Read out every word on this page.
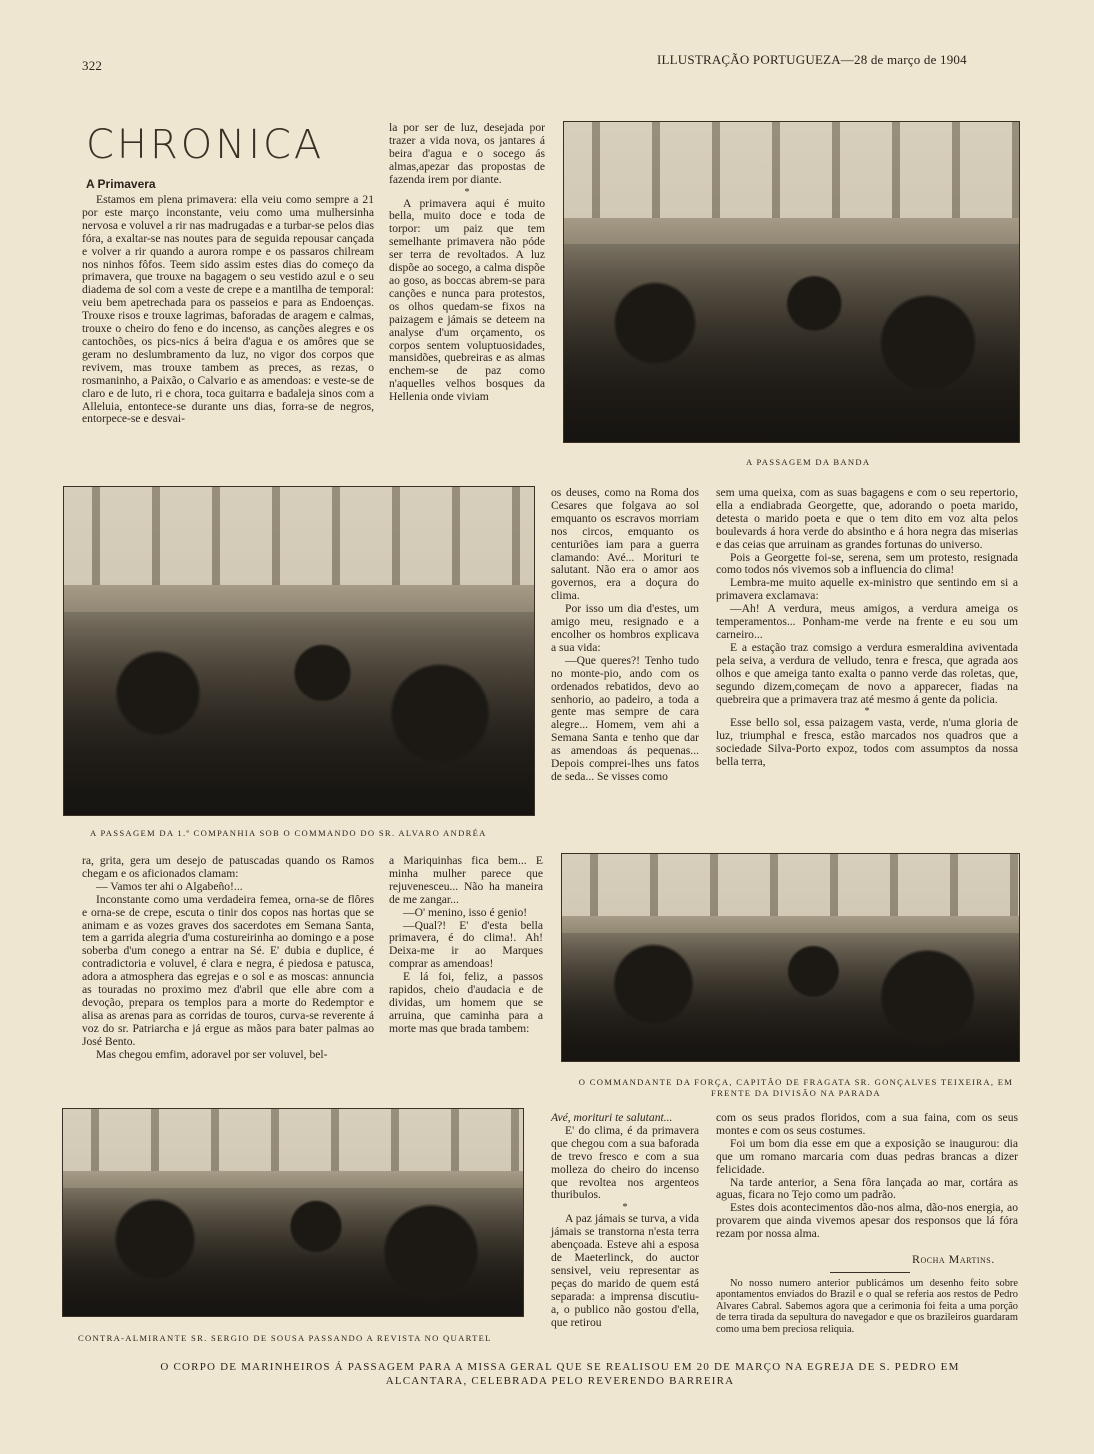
322	ILLUSTRAÇÃO PORTUGUEZA—28 de março de 1904
CHRONICA
A Primavera

Estamos em plena primavera: ella veiu como sempre a 21 por este março inconstante, veiu como uma mulhersinha nervosa e voluvel a rir nas madrugadas e a turbar-se pelos dias fóra, a exaltar-se nas noutes para de seguida repousar cançada e volver a rir quando a aurora rompe e os passaros chilream nos ninhos fôfos. Teem sido assim estes dias do começo da primavera, que trouxe na bagagem o seu vestido azul e o seu diadema de sol com a veste de crepe e a mantilha de temporal: veiu bem apetrechada para os passeios e para as Endoenças. Trouxe risos e trouxe lagrimas, baforadas de aragem e calmas, trouxe o cheiro do feno e do incenso, as canções alegres e os cantochões, os pics-nics á beira d'agua e os amôres que se geram no deslumbramento da luz, no vigor dos corpos que revivem, mas trouxe tambem as preces, as rezas, o rosmaninho, a Paixão, o Calvario e as amendoas: e veste-se de claro e de luto, ri e chora, toca guitarra e badaleja sinos com a Alleluia, entontece-se durante uns dias, forra-se de negros, entorpece-se e desvai-

la por ser de luz, desejada por trazer a vida nova, os jantares á beira d'agua e o socego ás almas,apezar das propostas de fazenda irem por diante.

*

A primavera aqui é muito bella, muito doce e toda de torpor: um paiz que tem semelhante primavera não póde ser terra de revoltados. A luz dispõe ao socego, a calma dispõe ao goso, as boccas abrem-se para canções e nunca para protestos, os olhos quedam-se fixos na paizagem e jámais se deteem na analyse d'um orçamento, os corpos sentem voluptuosidades, mansidões, quebreiras e as almas enchem-se de paz como n'aquelles velhos bosques da Hellenia onde viviam

A PASSAGEM DA BANDA
A PASSAGEM DA 1.ª COMPANHIA SOB O COMMANDO DO SR. ALVARO ANDRÉA

os deuses, como na Roma dos Cesares que folgava ao sol emquanto os escravos morriam nos circos, emquanto os centuriões iam para a guerra clamando: Avé... Morituri te salutant. Não era o amor aos governos, era a doçura do clima.

Por isso um dia d'estes, um amigo meu, resignado e a encolher os hombros explicava a sua vida:

—Que queres?! Tenho tudo no monte-pio, ando com os ordenados rebatidos, devo ao senhorio, ao padeiro, a toda a gente mas sempre de cara alegre... Homem, vem ahi a Semana Santa e tenho que dar as amendoas ás pequenas... Depois comprei-lhes uns fatos de seda... Se visses como

sem uma queixa, com as suas bagagens e com o seu repertorio, ella a endiabrada Georgette, que, adorando o poeta marido, detesta o marido poeta e que o tem dito em voz alta pelos boulevards á hora verde do absintho e á hora negra das miserias e das ceias que arruinam as grandes fortunas do universo.

Pois a Georgette foi-se, serena, sem um protesto, resignada como todos nós vivemos sob a influencia do clima!

Lembra-me muito aquelle ex-ministro que sentindo em si a primavera exclamava:

—Ah! A verdura, meus amigos, a verdura ameiga os temperamentos... Ponham-me verde na frente e eu sou um carneiro...

E a estação traz comsigo a verdura esmeraldina aviventada pela seiva, a verdura de velludo, tenra e fresca, que agrada aos olhos e que ameiga tanto exalta o panno verde das roletas, que, segundo dizem,começam de novo a apparecer, fiadas na quebreira que a primavera traz até mesmo á gente da policia.

*

Esse bello sol, essa paizagem vasta, verde, n'uma gloria de luz, triumphal e fresca, estão marcados nos quadros que a sociedade Silva-Porto expoz, todos com assumptos da nossa bella terra,

ra, grita, gera um desejo de patuscadas quando os Ramos chegam e os aficionados clamam:

— Vamos ter ahi o Algabeño!...

Inconstante como uma verdadeira femea, orna-se de flôres e orna-se de crepe, escuta o tinir dos copos nas hortas que se animam e as vozes graves dos sacerdotes em Semana Santa, tem a garrida alegria d'uma costureirinha ao domingo e a pose soberba d'um conego a entrar na Sé. E' dubia e duplice, é contradictoria e voluvel, é clara e negra, é piedosa e patusca, adora a atmosphera das egrejas e o sol e as moscas: annuncia as touradas no proximo mez d'abril que elle abre com a devoção, prepara os templos para a morte do Redemptor e alisa as arenas para as corridas de touros, curva-se reverente á voz do sr. Patriarcha e já ergue as mãos para bater palmas ao José Bento.

Mas chegou emfim, adoravel por ser voluvel, bel-

a Mariquinhas fica bem... E minha mulher parece que rejuvenesceu... Não ha maneira de me zangar...

—O' menino, isso é genio!

—Qual?! E' d'esta bella primavera, é do clima!. Ah! Deixa-me ir ao Marques comprar as amendoas!

E lá foi, feliz, a passos rapidos, cheio d'audacia e de dividas, um homem que se arruina, que caminha para a morte mas que brada tambem:

O COMMANDANTE DA FORÇA, CAPITÃO DE FRAGATA SR. GONÇALVES TEIXEIRA, EM FRENTE DA DIVISÃO NA PARADA
CONTRA-ALMIRANTE SR. SERGIO DE SOUSA PASSANDO A REVISTA NO QUARTEL

Avé, morituri te salutant...

E' do clima, é da primavera que chegou com a sua baforada de trevo fresco e com a sua molleza do cheiro do incenso que revoltea nos argenteos thuribulos.

*

A paz jámais se turva, a vida jámais se transtorna n'esta terra abençoada. Esteve ahi a esposa de Maeterlinck, do auctor sensivel, veiu representar as peças do marido de quem está separada: a imprensa discutiu-a, o publico não gostou d'ella, que retirou

com os seus prados floridos, com a sua faina, com os seus montes e com os seus costumes.

Foi um bom dia esse em que a exposição se inaugurou: dia que um romano marcaria com duas pedras brancas a dizer felicidade.

Na tarde anterior, a Sena fôra lançada ao mar, cortára as aguas, ficara no Tejo como um padrão.

Estes dois acontecimentos dão-nos alma, dão-nos energia, ao provarem que ainda vivemos apesar dos responsos que lá fóra rezam por nossa alma.

Rocha Martins.

No nosso numero anterior publicámos um desenho feito sobre apontamentos enviados do Brazil e o qual se referia aos restos de Pedro Alvares Cabral. Sabemos agora que a cerimonia foi feita a uma porção de terra tirada da sepultura do navegador e que os brazileiros guardaram como uma bem preciosa reliquia.

O CORPO DE MARINHEIROS Á PASSAGEM PARA A MISSA GERAL QUE SE REALISOU EM 20 DE MARÇO NA EGREJA DE S. PEDRO EM ALCANTARA, CELEBRADA PELO REVERENDO BARREIRA
